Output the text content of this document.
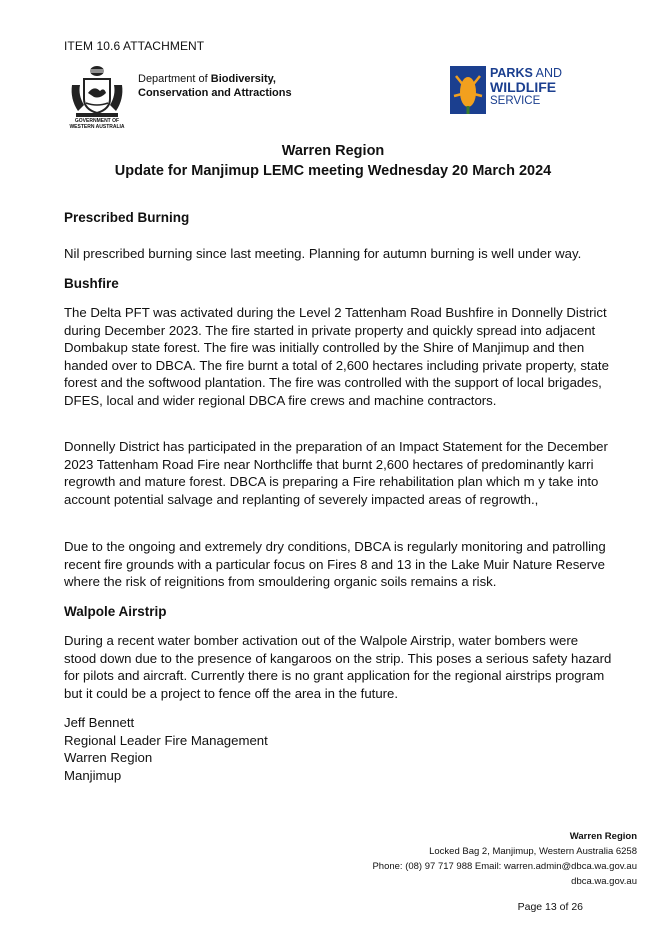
ITEM 10.6 ATTACHMENT
GOVERNMENT OF
WESTERN AUSTRALIA
Department of Biodiversity,
Conservation and Attractions
PARKS AND
WILDLIFE
SERVICE
Warren Region
Update for Manjimup LEMC meeting Wednesday 20 March 2024
Prescribed Burning

Nil prescribed burning since last meeting. Planning for autumn burning is well under way.

Bushfire

The Delta PFT was activated during the Level 2 Tattenham Road Bushfire in Donnelly District during December 2023. The fire started in private property and quickly spread into adjacent Dombakup state forest. The fire was initially controlled by the Shire of Manjimup and then handed over to DBCA. The fire burnt a total of 2,600 hectares including private property, state forest and the softwood plantation. The fire was controlled with the support of local brigades, DFES, local and wider regional DBCA fire crews and machine contractors.

Donnelly District has participated in the preparation of an Impact Statement for the December 2023 Tattenham Road Fire near Northcliffe that burnt 2,600 hectares of predominantly karri regrowth and mature forest. DBCA is preparing a Fire rehabilitation plan which m y take into account potential salvage and replanting of severely impacted areas of regrowth.,

Due to the ongoing and extremely dry conditions, DBCA is regularly monitoring and patrolling recent fire grounds with a particular focus on Fires 8 and 13 in the Lake Muir Nature Reserve where the risk of reignitions from smouldering organic soils remains a risk.

Walpole Airstrip

During a recent water bomber activation out of the Walpole Airstrip, water bombers were stood down due to the presence of kangaroos on the strip. This poses a serious safety hazard for pilots and aircraft. Currently there is no grant application for the regional airstrips program but it could be a project to fence off the area in the future.

Jeff Bennett
Regional Leader Fire Management
Warren Region
Manjimup
Warren Region
Locked Bag 2, Manjimup, Western Australia 6258
Phone: (08) 97 717 988 Email: warren.admin@dbca.wa.gov.au
dbca.wa.gov.au
Page 13 of 26
